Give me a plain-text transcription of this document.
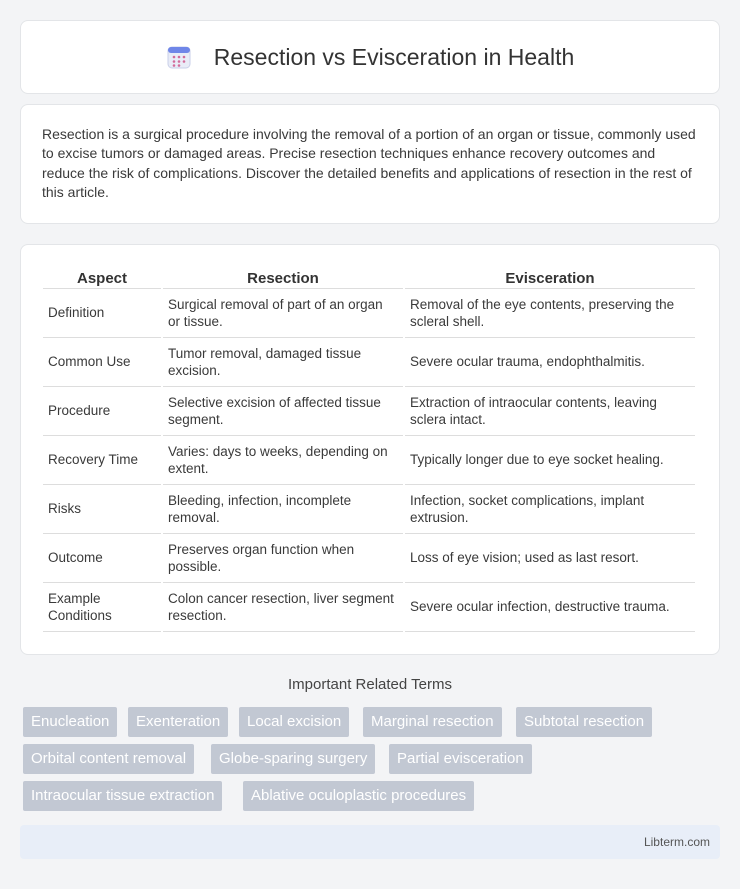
Resection vs Evisceration in Health

Resection is a surgical procedure involving the removal of a portion of an organ or tissue, commonly used to excise tumors or damaged areas. Precise resection techniques enhance recovery outcomes and reduce the risk of complications. Discover the detailed benefits and applications of resection in the rest of this article.

Aspect	Resection	Evisceration
Definition	Surgical removal of part of an organ or tissue.	Removal of the eye contents, preserving the scleral shell.
Common Use	Tumor removal, damaged tissue excision.	Severe ocular trauma, endophthalmitis.
Procedure	Selective excision of affected tissue segment.	Extraction of intraocular contents, leaving sclera intact.
Recovery Time	Varies: days to weeks, depending on extent.	Typically longer due to eye socket healing.
Risks	Bleeding, infection, incomplete removal.	Infection, socket complications, implant extrusion.
Outcome	Preserves organ function when possible.	Loss of eye vision; used as last resort.
Example Conditions	Colon cancer resection, liver segment resection.	Severe ocular infection, destructive trauma.
Important Related Terms
Enucleation	Exenteration	Local excision	Marginal resection	Subtotal resection
Orbital content removal	Globe-sparing surgery	Partial evisceration
Intraocular tissue extraction	Ablative oculoplastic procedures
Libterm.com
